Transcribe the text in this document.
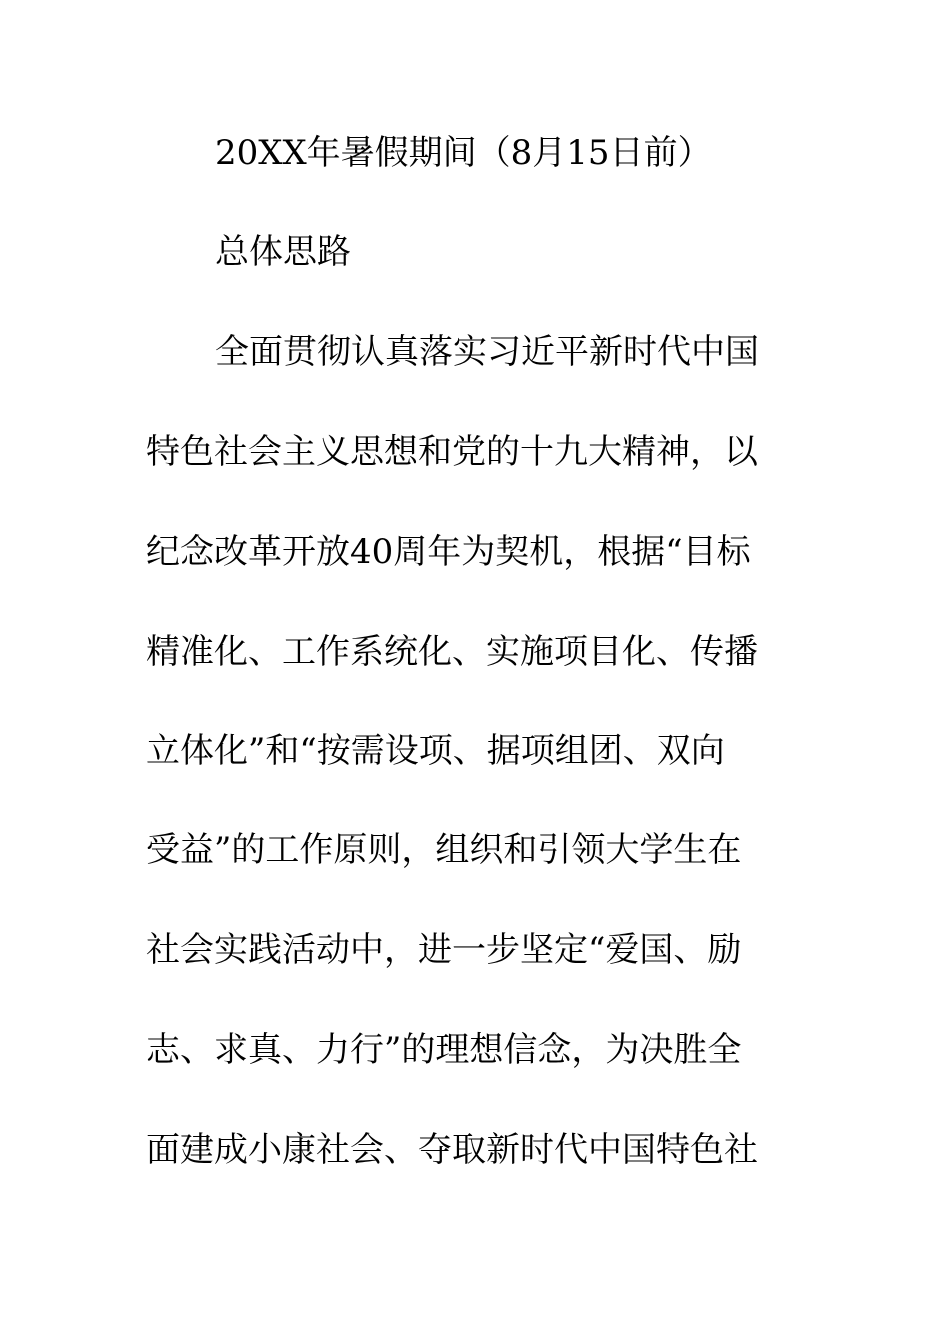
20XX年暑假期间（8月15日前）
总体思路
全面贯彻认真落实习近平新时代中国
特色社会主义思想和党的十九大精神，以
纪念改革开放40周年为契机，根据“目标
精准化、工作系统化、实施项目化、传播
立体化”和“按需设项、据项组团、双向
受益”的工作原则，组织和引领大学生在
社会实践活动中，进一步坚定“爱国、励
志、求真、力行”的理想信念，为决胜全
面建成小康社会、夺取新时代中国特色社
